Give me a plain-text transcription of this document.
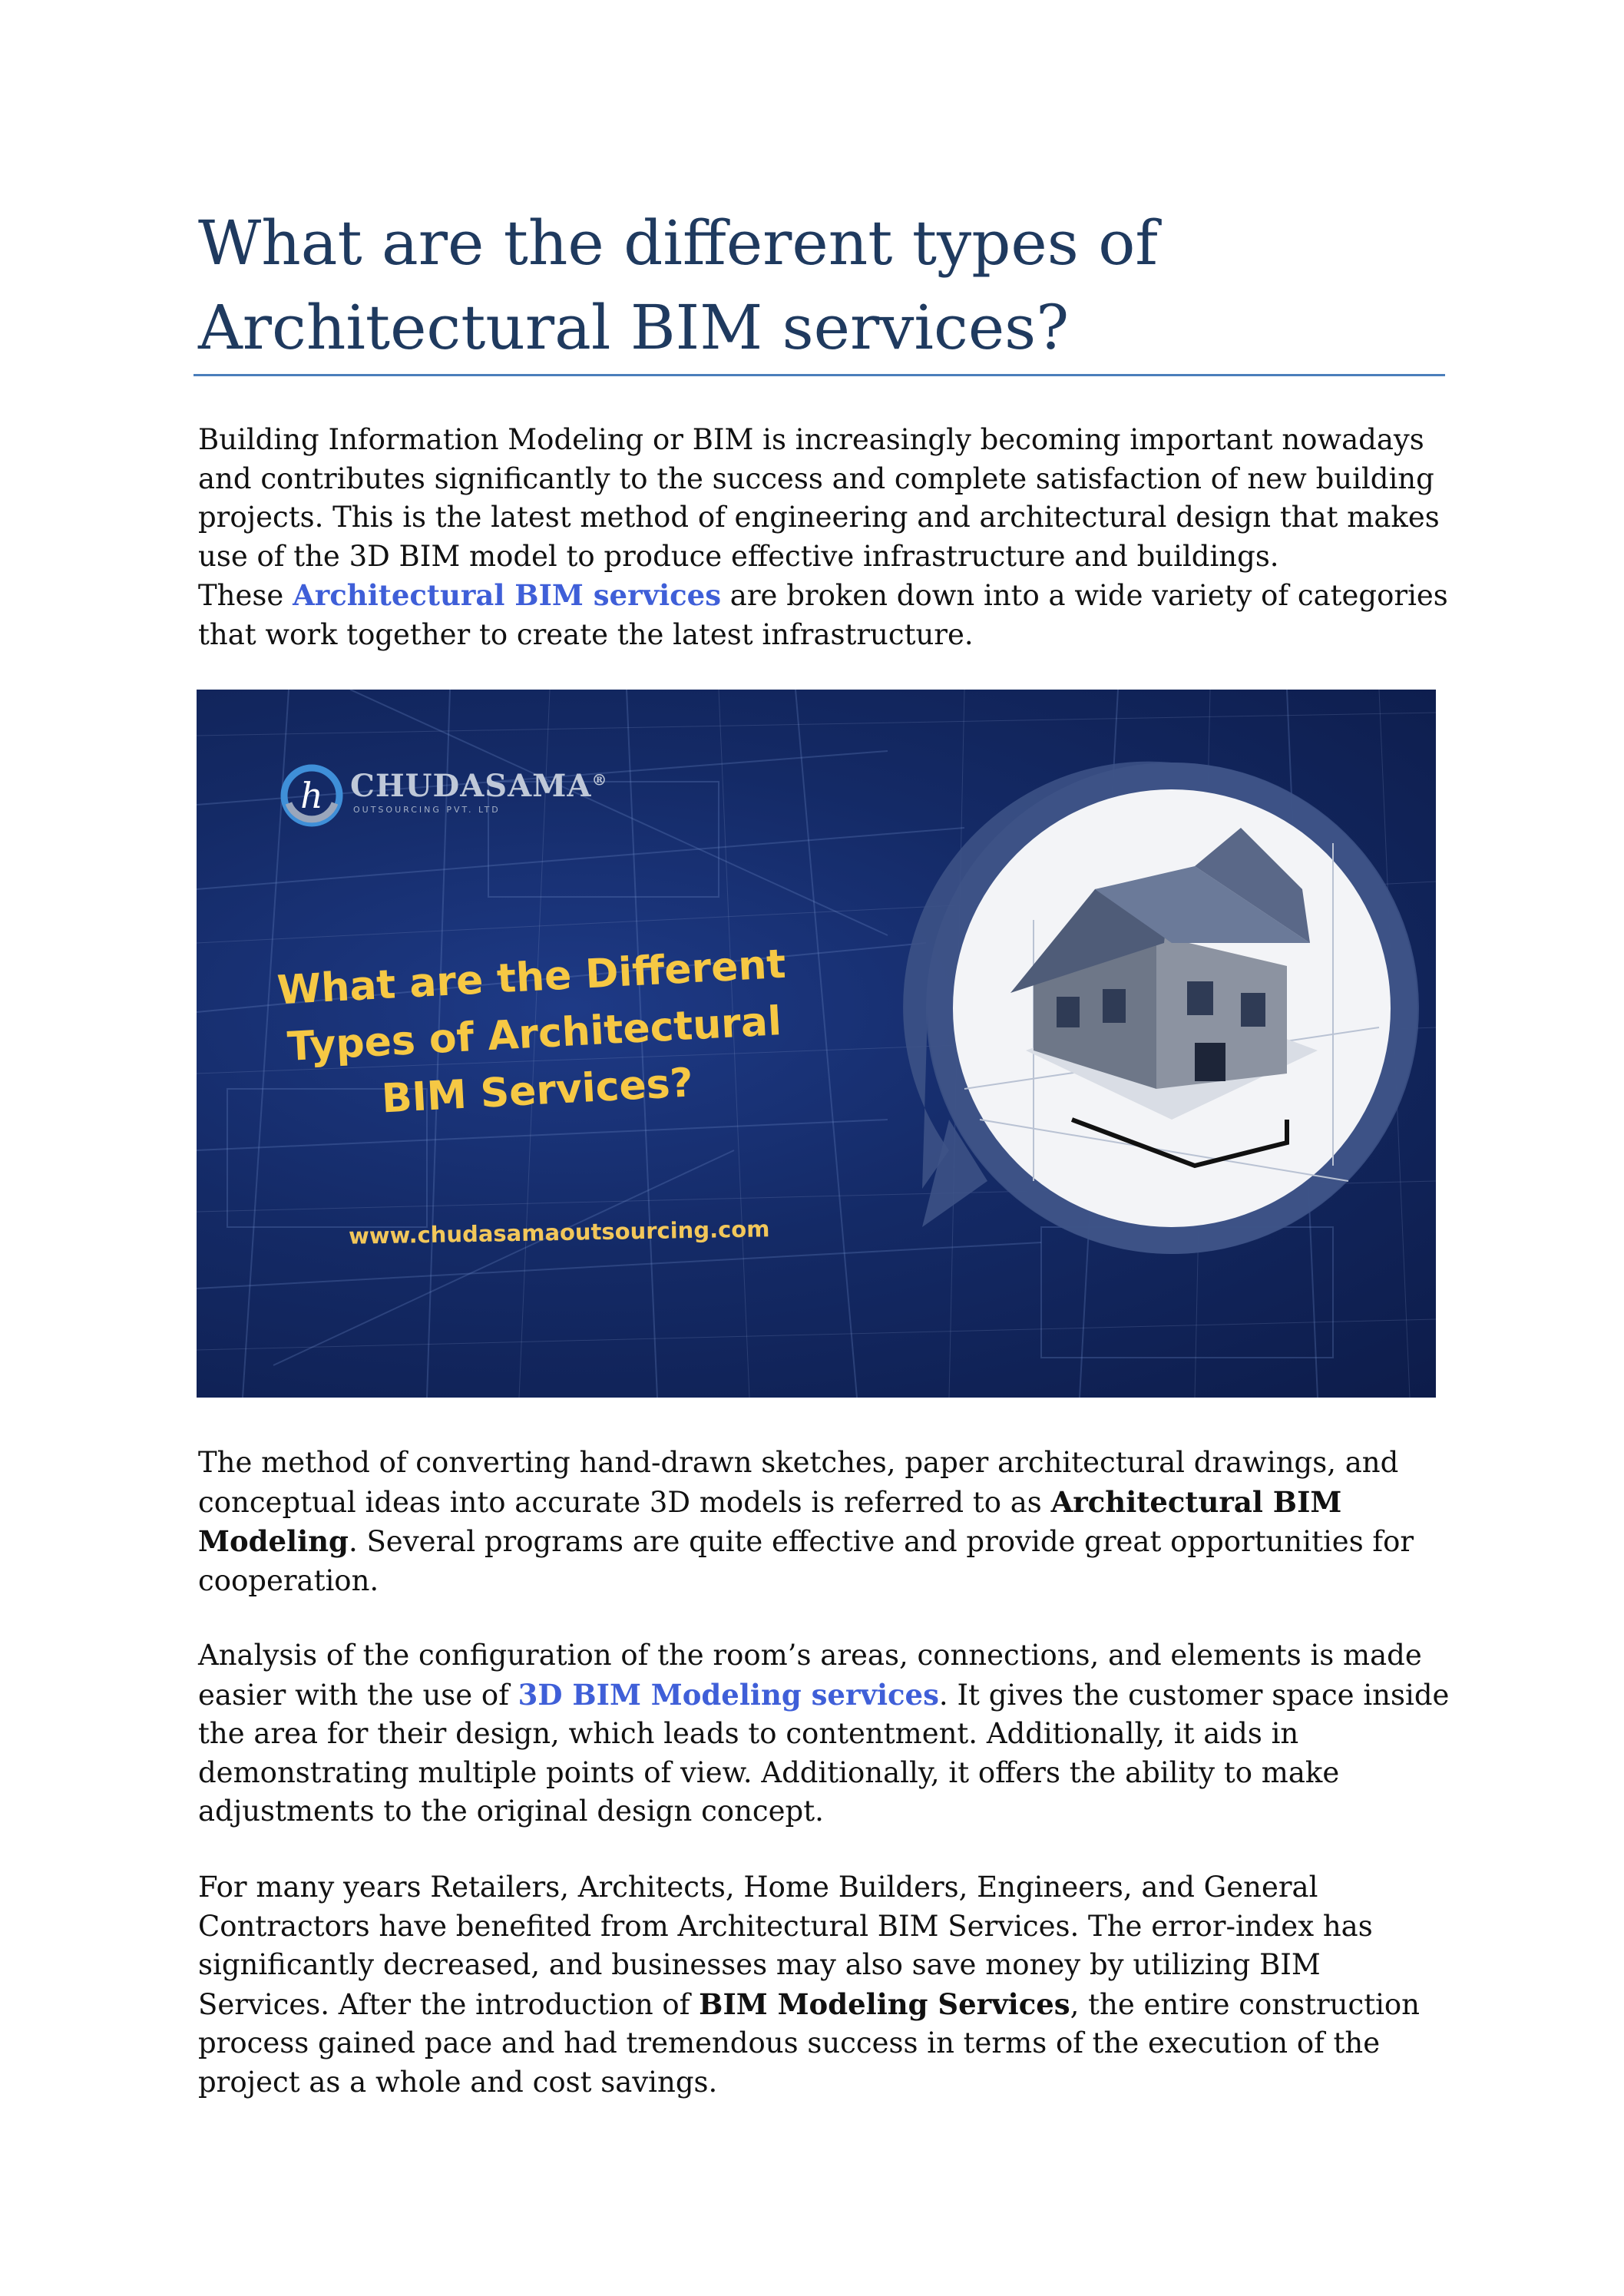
What are the different types of Architectural BIM services?

Building Information Modeling or BIM is increasingly becoming important nowadays and contributes significantly to the success and complete satisfaction of new building projects. This is the latest method of engineering and architectural design that makes use of the 3D BIM model to produce effective infrastructure and buildings.

These Architectural BIM services are broken down into a wide variety of categories that work together to create the latest infrastructure.

h CHUDASAMA®
OUTSOURCING PVT. LTD
What are the Different
Types of Architectural
BIM Services?
www.chudasamaoutsourcing.com

The method of converting hand-drawn sketches, paper architectural drawings, and conceptual ideas into accurate 3D models is referred to as Architectural BIM Modeling. Several programs are quite effective and provide great opportunities for cooperation.

Analysis of the configuration of the room’s areas, connections, and elements is made easier with the use of 3D BIM Modeling services. It gives the customer space inside the area for their design, which leads to contentment. Additionally, it aids in demonstrating multiple points of view. Additionally, it offers the ability to make adjustments to the original design concept.

For many years Retailers, Architects, Home Builders, Engineers, and General Contractors have benefited from Architectural BIM Services. The error-index has significantly decreased, and businesses may also save money by utilizing BIM Services. After the introduction of BIM Modeling Services, the entire construction process gained pace and had tremendous success in terms of the execution of the project as a whole and cost savings.
